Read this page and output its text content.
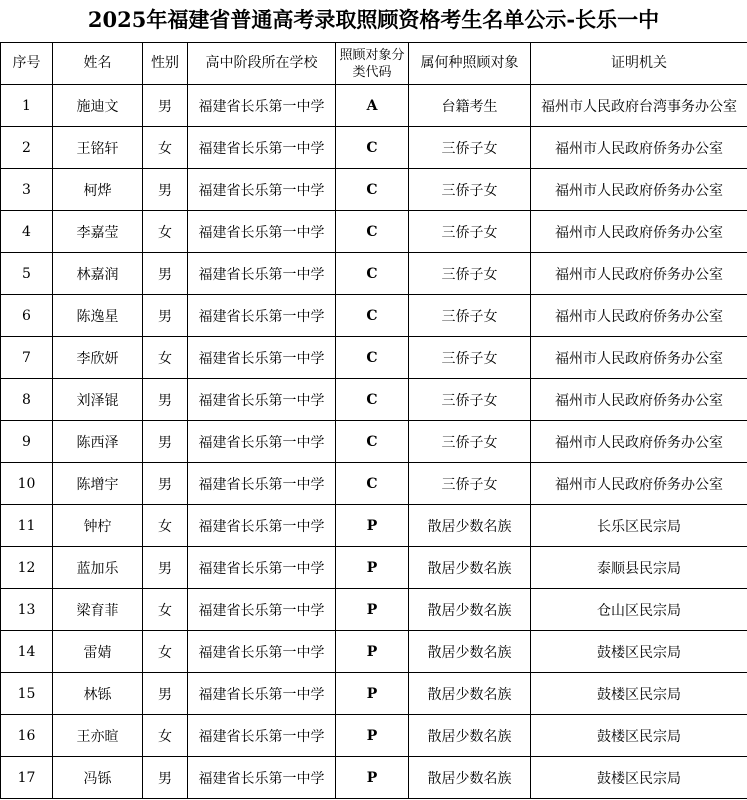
2025年福建省普通高考录取照顾资格考生名单公示-长乐一中
序号	姓名	性别	高中阶段所在学校	照顾对象分类代码	属何种照顾对象	证明机关
1	施迪文	男	福建省长乐第一中学	A	台籍考生	福州市人民政府台湾事务办公室
2	王铭轩	女	福建省长乐第一中学	C	三侨子女	福州市人民政府侨务办公室
3	柯烨	男	福建省长乐第一中学	C	三侨子女	福州市人民政府侨务办公室
4	李嘉莹	女	福建省长乐第一中学	C	三侨子女	福州市人民政府侨务办公室
5	林嘉润	男	福建省长乐第一中学	C	三侨子女	福州市人民政府侨务办公室
6	陈逸星	男	福建省长乐第一中学	C	三侨子女	福州市人民政府侨务办公室
7	李欣妍	女	福建省长乐第一中学	C	三侨子女	福州市人民政府侨务办公室
8	刘泽锟	男	福建省长乐第一中学	C	三侨子女	福州市人民政府侨务办公室
9	陈西泽	男	福建省长乐第一中学	C	三侨子女	福州市人民政府侨务办公室
10	陈增宇	男	福建省长乐第一中学	C	三侨子女	福州市人民政府侨务办公室
11	钟柠	女	福建省长乐第一中学	P	散居少数名族	长乐区民宗局
12	蓝加乐	男	福建省长乐第一中学	P	散居少数名族	泰顺县民宗局
13	梁育菲	女	福建省长乐第一中学	P	散居少数名族	仓山区民宗局
14	雷婧	女	福建省长乐第一中学	P	散居少数名族	鼓楼区民宗局
15	林铄	男	福建省长乐第一中学	P	散居少数名族	鼓楼区民宗局
16	王亦暄	女	福建省长乐第一中学	P	散居少数名族	鼓楼区民宗局
17	冯铄	男	福建省长乐第一中学	P	散居少数名族	鼓楼区民宗局
